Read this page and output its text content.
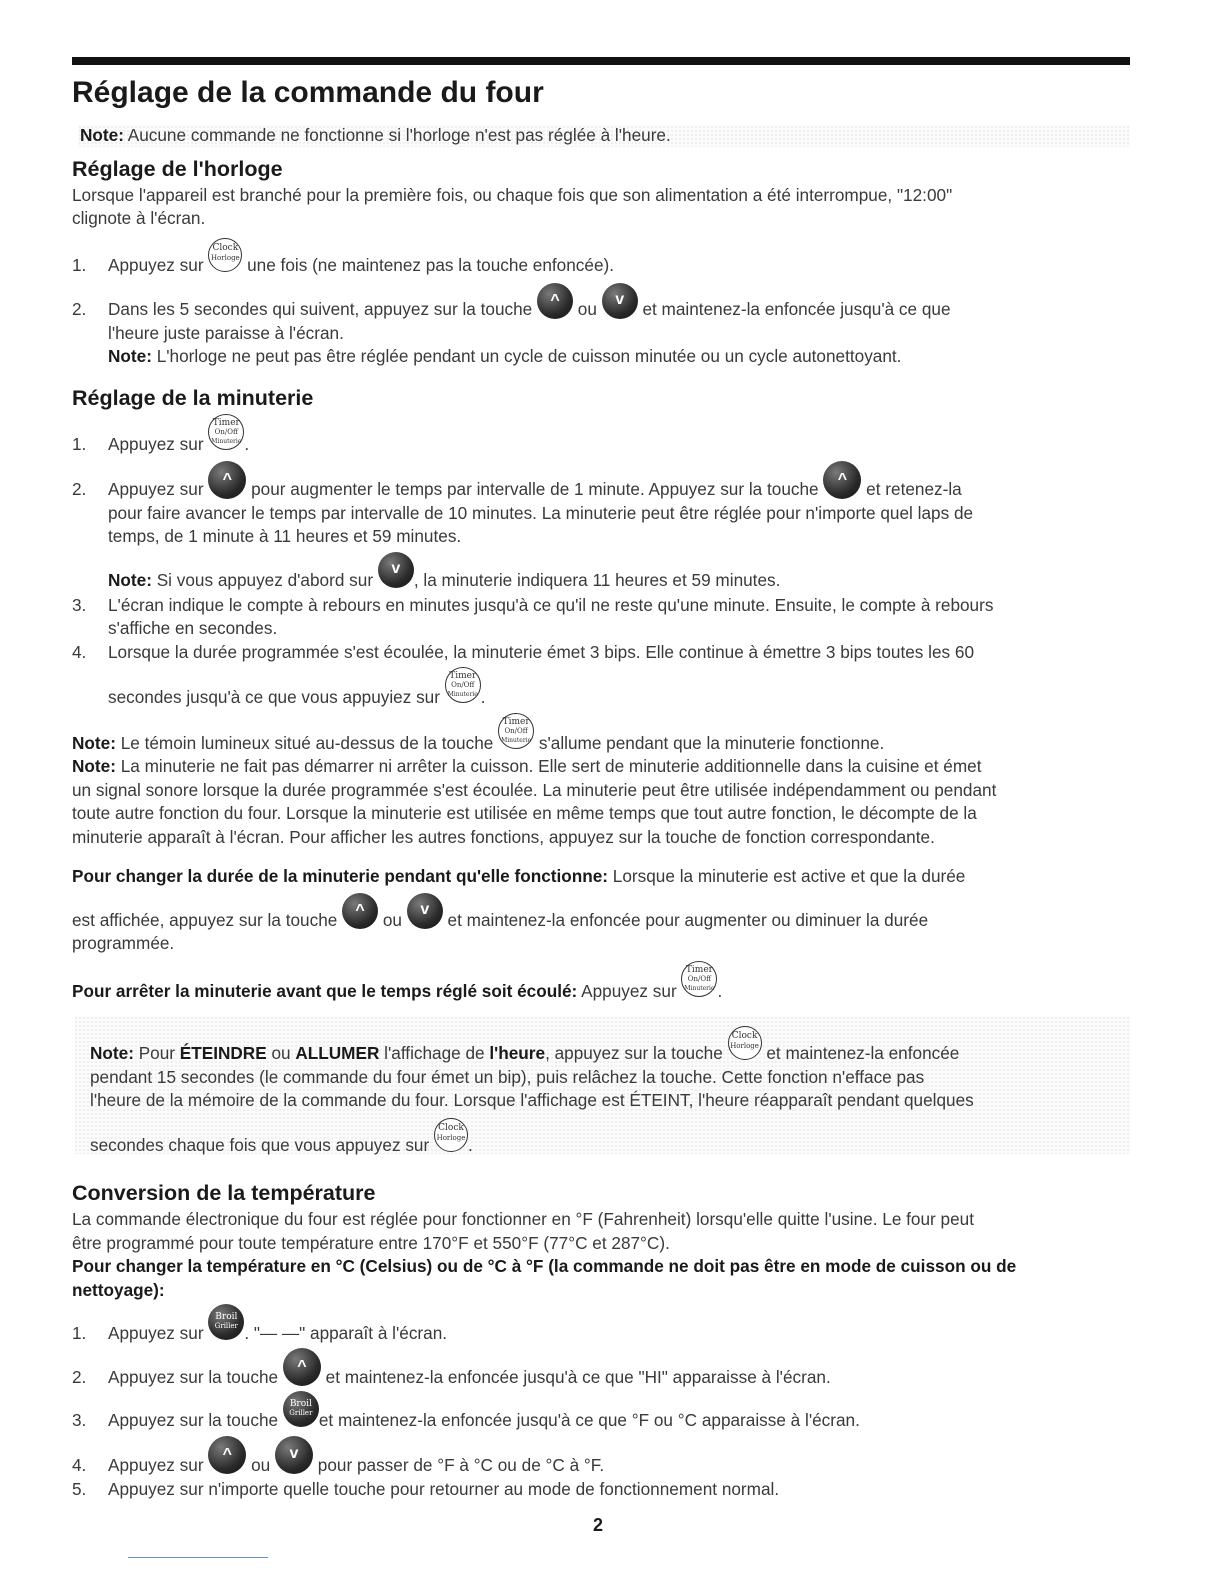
Réglage de la commande du four
Note: Aucune commande ne fonctionne si l'horloge n'est pas réglée à l'heure.
Réglage de l'horloge
Lorsque l'appareil est branché pour la première fois, ou chaque fois que son alimentation a été interrompue, "12:00"
clignote à l'écran.
1. Appuyez sur
Clock
Horloge une fois (ne maintenez pas la touche enfoncée).
2. Dans les 5 secondes qui suivent, appuyez sur la touche ^ ou v et maintenez-la enfoncée jusqu'à ce que
l'heure juste paraisse à l'écran.
Note: L'horloge ne peut pas être réglée pendant un cycle de cuisson minutée ou un cycle autonettoyant.
Réglage de la minuterie
1. Appuyez sur
Timer
On/Off
Minuterie .
2. Appuyez sur ^ pour augmenter le temps par intervalle de 1 minute. Appuyez sur la touche ^ et retenez-la
pour faire avancer le temps par intervalle de 10 minutes. La minuterie peut être réglée pour n'importe quel laps de
temps, de 1 minute à 11 heures et 59 minutes.
Note: Si vous appuyez d'abord sur v, la minuterie indiquera 11 heures et 59 minutes.
3. L'écran indique le compte à rebours en minutes jusqu'à ce qu'il ne reste qu'une minute. Ensuite, le compte à rebours
s'affiche en secondes.
4. Lorsque la durée programmée s'est écoulée, la minuterie émet 3 bips. Elle continue à émettre 3 bips toutes les 60
secondes jusqu'à ce que vous appuyiez sur
Timer
On/Off
Minuterie .
Note: Le témoin lumineux situé au-dessus de la touche
Timer
On/Off
Minuterie s'allume pendant que la minuterie fonctionne.
Note: La minuterie ne fait pas démarrer ni arrêter la cuisson. Elle sert de minuterie additionnelle dans la cuisine et émet
un signal sonore lorsque la durée programmée s'est écoulée. La minuterie peut être utilisée indépendamment ou pendant
toute autre fonction du four. Lorsque la minuterie est utilisée en même temps que tout autre fonction, le décompte de la
minuterie apparaît à l'écran. Pour afficher les autres fonctions, appuyez sur la touche de fonction correspondante.
Pour changer la durée de la minuterie pendant qu'elle fonctionne: Lorsque la minuterie est active et que la durée
est affichée, appuyez sur la touche ^ ou v et maintenez-la enfoncée pour augmenter ou diminuer la durée
programmée.
Pour arrêter la minuterie avant que le temps réglé soit écoulé: Appuyez sur
Timer
On/Off
Minuterie .
Note: Pour ÉTEINDRE ou ALLUMER l'affichage de l'heure, appuyez sur la touche
Clock
Horloge et maintenez-la enfoncée
pendant 15 secondes (le commande du four émet un bip), puis relâchez la touche. Cette fonction n'efface pas
l'heure de la mémoire de la commande du four. Lorsque l'affichage est ÉTEINT, l'heure réapparaît pendant quelques
secondes chaque fois que vous appuyez sur
Clock
Horloge .
Conversion de la température
La commande électronique du four est réglée pour fonctionner en °F (Fahrenheit) lorsqu'elle quitte l'usine. Le four peut
être programmé pour toute température entre 170°F et 550°F (77°C et 287°C).
Pour changer la température en °C (Celsius) ou de °C à °F (la commande ne doit pas être en mode de cuisson ou de
nettoyage):
1. Appuyez sur
Broil
Griller . "— —" apparaît à l'écran.
2. Appuyez sur la touche ^ et maintenez-la enfoncée jusqu'à ce que "HI" apparaisse à l'écran.
3. Appuyez sur la touche
Broil
Griller et maintenez-la enfoncée jusqu'à ce que °F ou °C apparaisse à l'écran.
4. Appuyez sur ^ ou v pour passer de °F à °C ou de °C à °F.
5. Appuyez sur n'importe quelle touche pour retourner au mode de fonctionnement normal.
2
